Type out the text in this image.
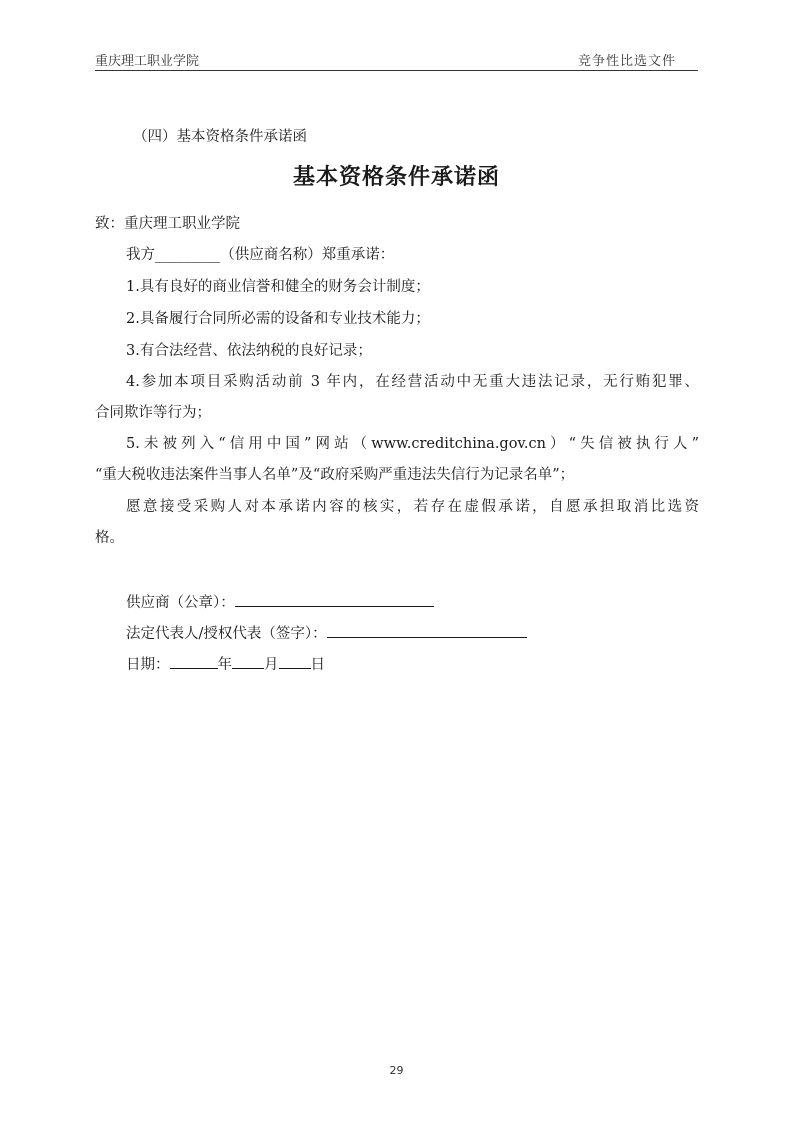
重庆理工职业学院	竞争性比选文件
（四）基本资格条件承诺函
基本资格条件承诺函
致：重庆理工职业学院
我方_________（供应商名称）郑重承诺：
1.具有良好的商业信誉和健全的财务会计制度；
2.具备履行合同所必需的设备和专业技术能力；
3.有合法经营、依法纳税的良好记录；
4.参加本项目采购活动前 3 年内，在经营活动中无重大违法记录，无行贿犯罪、
合同欺诈等行为；
5.未被列入“信用中国”网站（www.creditchina.gov.cn）“失信被执行人”
“重大税收违法案件当事人名单”及“政府采购严重违法失信行为记录名单”；
愿意接受采购人对本承诺内容的核实，若存在虚假承诺，自愿承担取消比选资
格。
供应商（公章）：
法定代表人/授权代表（签字）：
日期：	年 月 日
29
